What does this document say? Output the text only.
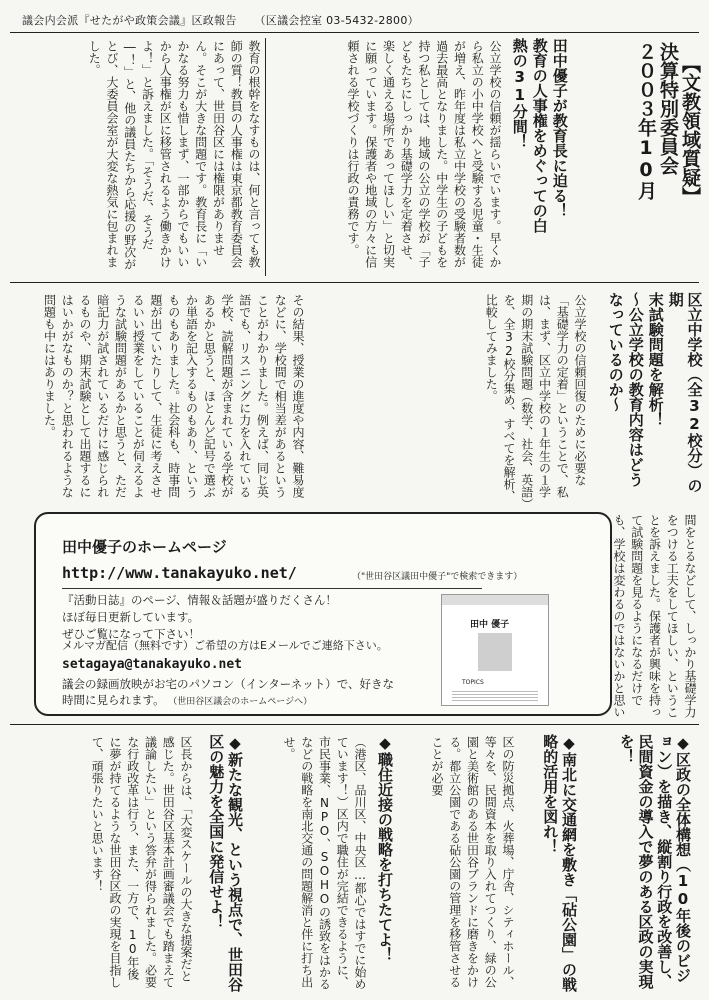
議会内会派『せたがや政策会議』区政報告 （区議会控室 03-5432-2800）
２００３年10月 決算特別委員会 【文教領域質疑】
田中優子が教育長に迫る！
教育の人事権をめぐっての白
熱の31分間！
公立学校の信頼が揺らいでいます。早くから私立の小中学校へと受験する児童・生徒が増え、昨年度は私立中学校の受験者数が過去最高となりました。中学生の子どもを持つ私としては、地域の公立の学校が「子どもたちにしっかり基礎学力を定着させ、楽しく通える場所であってほしい」と切実に願っています。保護者や地域の方々に信頼される学校づくりは行政の責務です。
教育の根幹をなすものは、何と言っても教師の質！教員の人事権は東京都教育委員会にあって、世田谷区には権限がありません。そこが大きな問題です。教育長に「いかなる努力も惜しまず、一部からでもいいから人事権が区に移管されるよう働きかけよ！」と訴えました。「そうだ、そうだ―！」と、他の議員たちから応援の野次がとび、大委員会室が大変な熱気に包まれました。
区立中学校（全32校分）の期
末試験問題を解析！
～公立学校の教育内容はどう
なっているのか～
公立学校の信頼回復のために必要な「基礎学力の定着」ということで、私は、まず、区立中学校の１年生の１学期の期末試験問題（数学、社会、英語）を、全32校分集め、すべてを解析、比較してみました。
その結果、授業の進度や内容、難易度などに、学校間で相当差があるということがわかりました。例えば、同じ英語でも、リスニングに力を入れている学校、読解問題が含まれている学校があるかと思うと、ほとんど記号で選ぶか単語を記入するものもあり、というものもありました。社会科も、時事問題が出ていたりして、生徒に考えさせるいい授業をしていることが伺えるような試験問題があるかと思うと、ただ暗記力が試されているだけに感じられるものや、期末試験として出題するにはいかがなものか？と思われるような問題も中にはありました。
間をとるなどして、しっかり基礎学力をつける工夫をしてほしい、ということを訴えました。保護者が興味を持って試験問題を見るようになるだけでも、学校は変わるのではないかと思い
田中優子のホームページ
http://www.tanakayuko.net/	（"世田谷区議田中優子"で検索できます）
『活動日誌』のページ、情報＆話題が盛りだくさん！
ほぼ毎日更新しています。
ぜひご覧になって下さい！
メルマガ配信（無料です）ご希望の方はEメールでご連絡下さい。
setagaya@tanakayuko.net
議会の録画放映がお宅のパソコン（インターネット）で、好きな
時間に見られます。 （世田谷区議会のホームページへ）
田中 優子
TOPICS
◆区政の全体構想（10年後のビジョン）を描き、縦割り行政を改善し、民間資金の導入で夢のある区政の実現を！
◆南北に交通網を敷き「砧公園」の戦略的活用を図れ！
区の防災拠点、火葬場、庁舎、シティホール、等々を、民間資本を取り入れてつくり、緑の公園と美術館のある世田谷ブランドに磨きをかける。都立公園である砧公園の管理を移管させることが必要
◆職住近接の戦略を打ちたてよ！
（港区、品川区、中央区…都心ではすでに始めています！）区内で職住が完結できるように、市民事業、NPO、SOHOの誘致をはかるなどの戦略を南北交通の問題解消と伴に打ち出せ。
◆新たな観光、という視点で、世田谷区の魅力を全国に発信せよ！
区長からは、「大変スケールの大きな提案だと感じた。世田谷区基本計画審議会でも踏まえて議論したい」という答弁が得られました。必要な行政改革は行う、また、一方で、10年後に夢が持てるような世田谷区政の実現を目指して、頑張りたいと思います！
